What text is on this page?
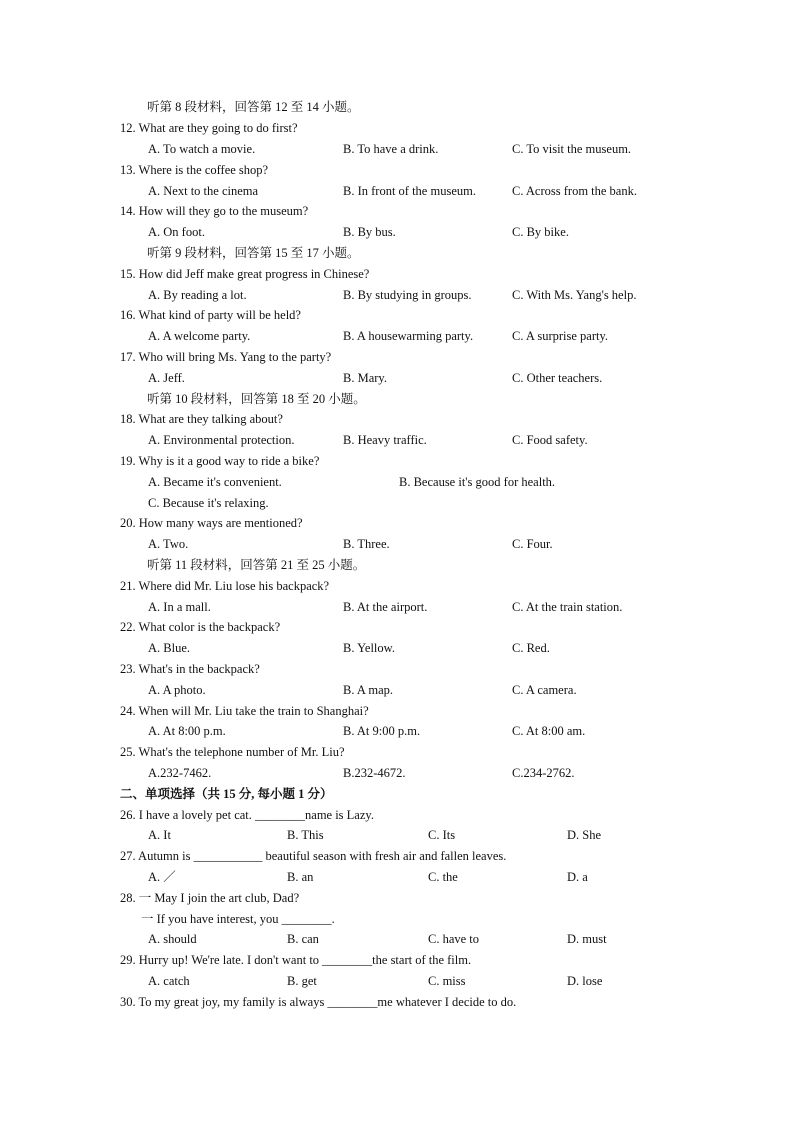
听第 8 段材料，回答第 12 至 14 小题。
12. What are they going to do first?
A. To watch a movie.	B. To have a drink.	C. To visit the museum.
13. Where is the coffee shop?
A. Next to the cinema	B. In front of the museum.	C. Across from the bank.
14. How will they go to the museum?
A. On foot.	B. By bus.	C. By bike.
听第 9 段材料，回答第 15 至 17 小题。
15. How did Jeff make great progress in Chinese?
A. By reading a lot.	B. By studying in groups.	C. With Ms. Yang's help.
16. What kind of party will be held?
A. A welcome party.	B. A housewarming party.	C. A surprise party.
17. Who will bring Ms. Yang to the party?
A. Jeff.	B. Mary.	C. Other teachers.
听第 10 段材料，回答第 18 至 20 小题。
18. What are they talking about?
A. Environmental protection.	B. Heavy traffic.	C. Food safety.
19. Why is it a good way to ride a bike?
A. Became it's convenient.	B. Because it's good for health.
C. Because it's relaxing.
20. How many ways are mentioned?
A. Two.	B. Three.	C. Four.
听第 11 段材料，回答第 21 至 25 小题。
21. Where did Mr. Liu lose his backpack?
A. In a mall.	B. At the airport.	C. At the train station.
22. What color is the backpack?
A. Blue.	B. Yellow.	C. Red.
23. What's in the backpack?
A. A photo.	B. A map.	C. A camera.
24. When will Mr. Liu take the train to Shanghai?
A. At 8:00 p.m.	B. At 9:00 p.m.	C. At 8:00 am.
25. What's the telephone number of Mr. Liu?
A.232-7462.	B.232-4672.	C.234-2762.
二、单项选择（共 15 分, 每小题 1 分）
26. I have a lovely pet cat. ________name is Lazy.
A. It	B. This	C. Its	D. She
27. Autumn is ___________ beautiful season with fresh air and fallen leaves.
A. ／	B. an	C. the	D. a
28. 一 May I join the art club, Dad?
一 If you have interest, you ________.
A. should	B. can	C. have to	D. must
29. Hurry up! We're late. I don't want to ________the start of the film.
A. catch	B. get	C. miss	D. lose
30. To my great joy, my family is always ________me whatever I decide to do.
